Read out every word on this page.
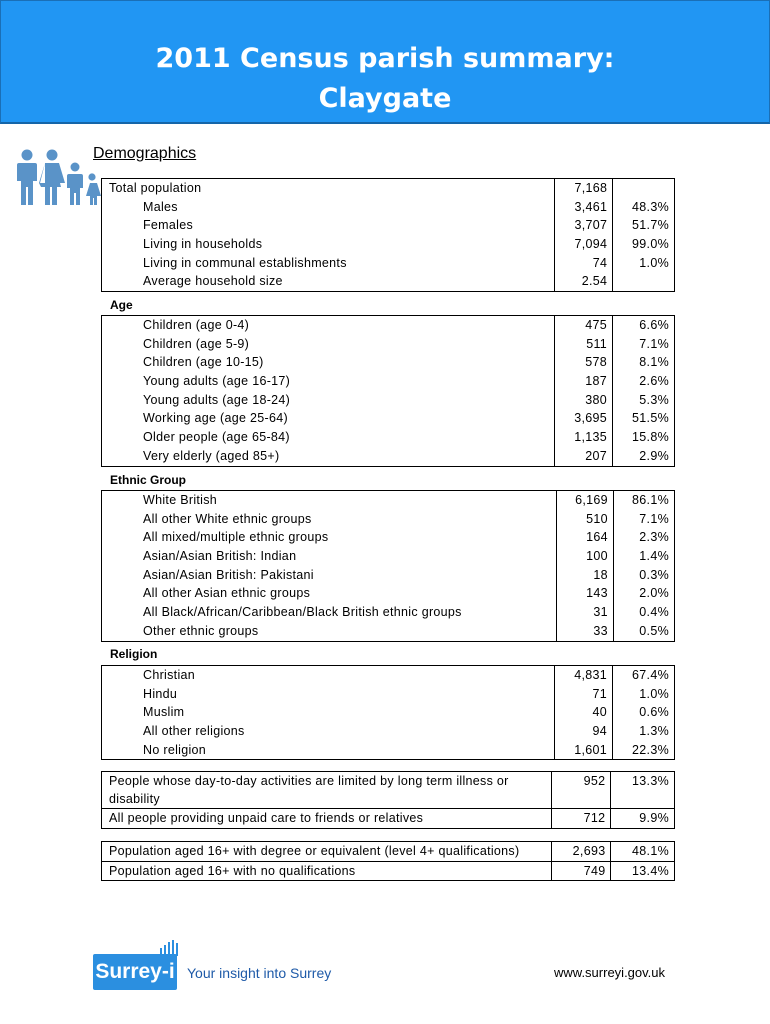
2011 Census parish summary:
Claygate
Demographics
Total population	7,168	
Males	3,461	48.3%
Females	3,707	51.7%
Living in households	7,094	99.0%
Living in communal establishments	74	1.0%
Average household size	2.54	
Age
Children (age 0-4)	475	6.6%
Children (age 5-9)	511	7.1%
Children (age 10-15)	578	8.1%
Young adults (age 16-17)	187	2.6%
Young adults (age 18-24)	380	5.3%
Working age (age 25-64)	3,695	51.5%
Older people (age 65-84)	1,135	15.8%
Very elderly (aged 85+)	207	2.9%
Ethnic Group
White British	6,169	86.1%
All other White ethnic groups	510	7.1%
All mixed/multiple ethnic groups	164	2.3%
Asian/Asian British: Indian	100	1.4%
Asian/Asian British: Pakistani	18	0.3%
All other Asian ethnic groups	143	2.0%
All Black/African/Caribbean/Black British ethnic groups	31	0.4%
Other ethnic groups	33	0.5%
Religion
Christian	4,831	67.4%
Hindu	71	1.0%
Muslim	40	0.6%
All other religions	94	1.3%
No religion	1,601	22.3%
People whose day-to-day activities are limited by long term illness or disability	952	13.3%
All people providing unpaid care to friends or relatives	712	9.9%
Population aged 16+ with degree or equivalent (level 4+ qualifications)	2,693	48.1%
Population aged 16+ with no qualifications	749	13.4%
Surrey-i Your insight into Surrey	www.surreyi.gov.uk
